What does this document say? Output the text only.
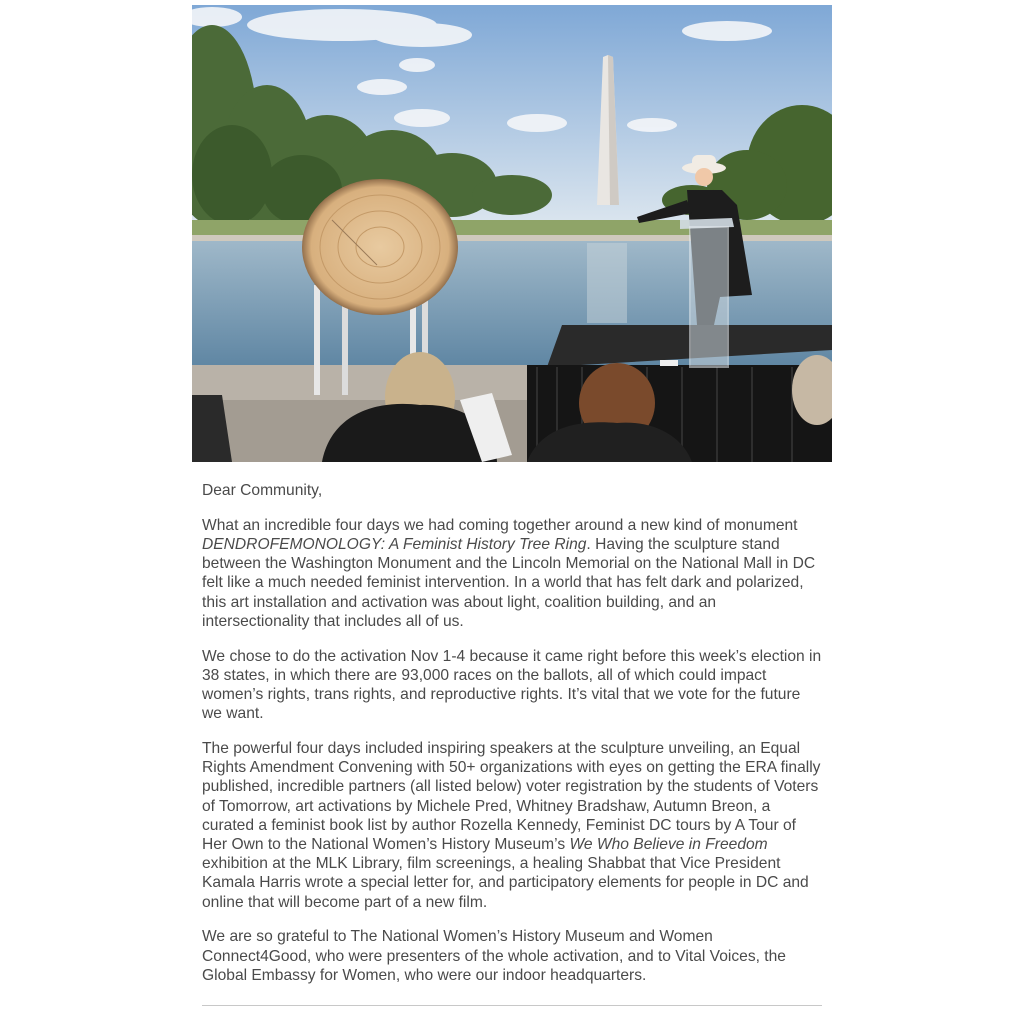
Dear Community,

What an incredible four days we had coming together around a new kind of monument DENDROFEMONOLOGY: A Feminist History Tree Ring. Having the sculpture stand between the Washington Monument and the Lincoln Memorial on the National Mall in DC felt like a much needed feminist intervention. In a world that has felt dark and polarized, this art installation and activation was about light, coalition building, and an intersectionality that includes all of us.

We chose to do the activation Nov 1-4 because it came right before this week’s election in 38 states, in which there are 93,000 races on the ballots, all of which could impact women’s rights, trans rights, and reproductive rights. It’s vital that we vote for the future we want.

The powerful four days included inspiring speakers at the sculpture unveiling, an Equal Rights Amendment Convening with 50+ organizations with eyes on getting the ERA finally published, incredible partners (all listed below) voter registration by the students of Voters of Tomorrow, art activations by Michele Pred, Whitney Bradshaw, Autumn Breon, a curated a feminist book list by author Rozella Kennedy, Feminist DC tours by A Tour of Her Own to the National Women’s History Museum’s We Who Believe in Freedom exhibition at the MLK Library, film screenings, a healing Shabbat that Vice President Kamala Harris wrote a special letter for, and participatory elements for people in DC and online that will become part of a new film.

We are so grateful to The National Women’s History Museum and Women Connect4Good, who were presenters of the whole activation, and to Vital Voices, the Global Embassy for Women, who were our indoor headquarters.
